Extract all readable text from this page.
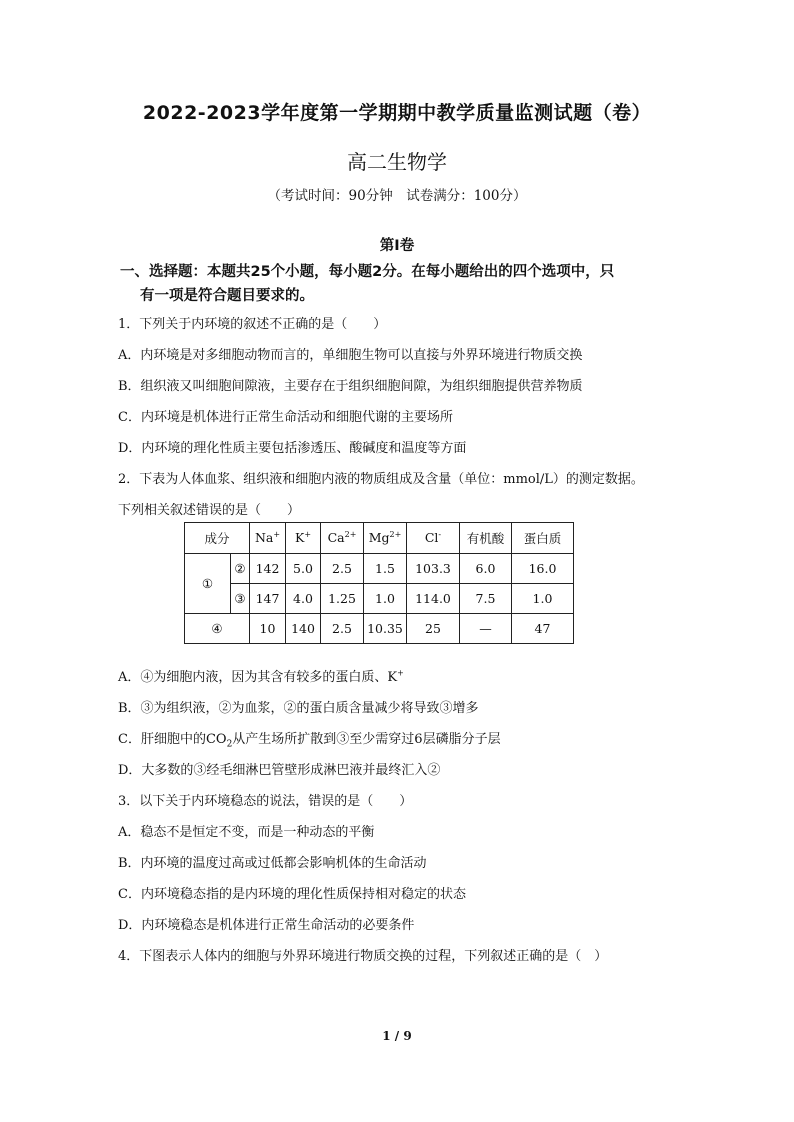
2022-2023学年度第一学期期中教学质量监测试题（卷）
高二生物学
（考试时间：90分钟　试卷满分：100分）
第Ⅰ卷
一、选择题：本题共25个小题，每小题2分。在每小题给出的四个选项中，只
有一项是符合题目要求的。
1．下列关于内环境的叙述不正确的是（　　）
A．内环境是对多细胞动物而言的，单细胞生物可以直接与外界环境进行物质交换
B．组织液又叫细胞间隙液，主要存在于组织细胞间隙，为组织细胞提供营养物质
C．内环境是机体进行正常生命活动和细胞代谢的主要场所
D．内环境的理化性质主要包括渗透压、酸碱度和温度等方面
2．下表为人体血浆、组织液和细胞内液的物质组成及含量（单位：mmol/L）的测定数据。
下列相关叙述错误的是（　　）
成分		Na+	K+	$Ca^{2+}$	$Mg^{2+}$	Cl-	有机酸	蛋白质
①	②	142	5.0	2.5	1.5	103.3	6.0	16.0
	③	147	4.0	1.25	1.0	114.0	7.5	1.0
④		10	140	2.5	10.35	25	—	47
A．④为细胞内液，因为其含有较多的蛋白质、K+
B．③为组织液，②为血浆，②的蛋白质含量减少将导致③增多
C．肝细胞中的$CO_2$从产生场所扩散到③至少需穿过6层磷脂分子层
D．大多数的③经毛细淋巴管壁形成淋巴液并最终汇入②
3．以下关于内环境稳态的说法，错误的是（　　）
A．稳态不是恒定不变，而是一种动态的平衡
B．内环境的温度过高或过低都会影响机体的生命活动
C．内环境稳态指的是内环境的理化性质保持相对稳定的状态
D．内环境稳态是机体进行正常生命活动的必要条件
4．下图表示人体内的细胞与外界环境进行物质交换的过程，下列叙述正确的是（　）
1 / 9
